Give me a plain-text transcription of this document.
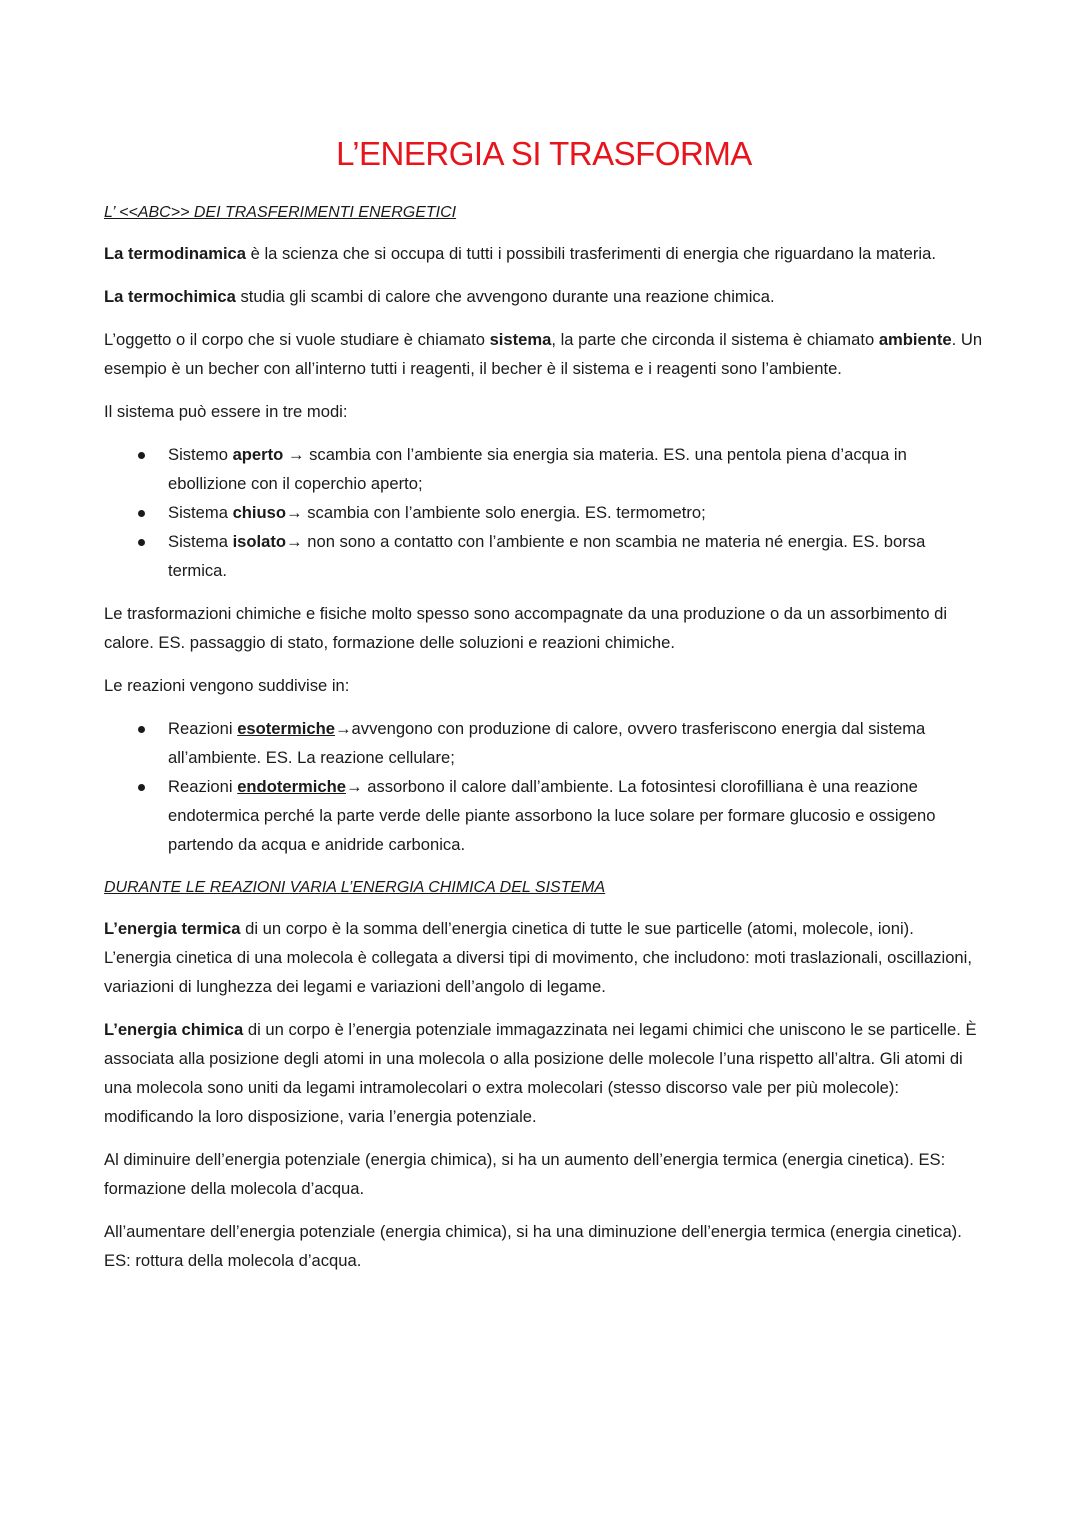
L’ENERGIA SI TRASFORMA
L’ <<ABC>> DEI TRASFERIMENTI ENERGETICI

La termodinamica è la scienza che si occupa di tutti i possibili trasferimenti di energia che riguardano la materia.

La termochimica studia gli scambi di calore che avvengono durante una reazione chimica.

L’oggetto o il corpo che si vuole studiare è chiamato sistema, la parte che circonda il sistema è chiamato ambiente. Un esempio è un becher con all’interno tutti i reagenti, il becher è il sistema e i reagenti sono l’ambiente.

Il sistema può essere in tre modi:

Sistemo aperto → scambia con l’ambiente sia energia sia materia. ES. una pentola piena d’acqua in ebollizione con il coperchio aperto;
Sistema chiuso→ scambia con l’ambiente solo energia. ES. termometro;
Sistema isolato→ non sono a contatto con l’ambiente e non scambia ne materia né energia. ES. borsa termica.

Le trasformazioni chimiche e fisiche molto spesso sono accompagnate da una produzione o da un assorbimento di calore. ES. passaggio di stato, formazione delle soluzioni e reazioni chimiche.

Le reazioni vengono suddivise in:

Reazioni esotermiche→avvengono con produzione di calore, ovvero trasferiscono energia dal sistema all’ambiente. ES. La reazione cellulare;
Reazioni endotermiche→ assorbono il calore dall’ambiente. La fotosintesi clorofilliana è una reazione endotermica perché la parte verde delle piante assorbono la luce solare per formare glucosio e ossigeno partendo da acqua e anidride carbonica.
DURANTE LE REAZIONI VARIA L’ENERGIA CHIMICA DEL SISTEMA

L’energia termica di un corpo è la somma dell’energia cinetica di tutte le sue particelle (atomi, molecole, ioni). L’energia cinetica di una molecola è collegata a diversi tipi di movimento, che includono: moti traslazionali, oscillazioni, variazioni di lunghezza dei legami e variazioni dell’angolo di legame.

L’energia chimica di un corpo è l’energia potenziale immagazzinata nei legami chimici che uniscono le se particelle. È associata alla posizione degli atomi in una molecola o alla posizione delle molecole l’una rispetto all’altra. Gli atomi di una molecola sono uniti da legami intramolecolari o extra molecolari (stesso discorso vale per più molecole): modificando la loro disposizione, varia l’energia potenziale.

Al diminuire dell’energia potenziale (energia chimica), si ha un aumento dell’energia termica (energia cinetica). ES: formazione della molecola d’acqua.

All’aumentare dell’energia potenziale (energia chimica), si ha una diminuzione dell’energia termica (energia cinetica). ES: rottura della molecola d’acqua.
